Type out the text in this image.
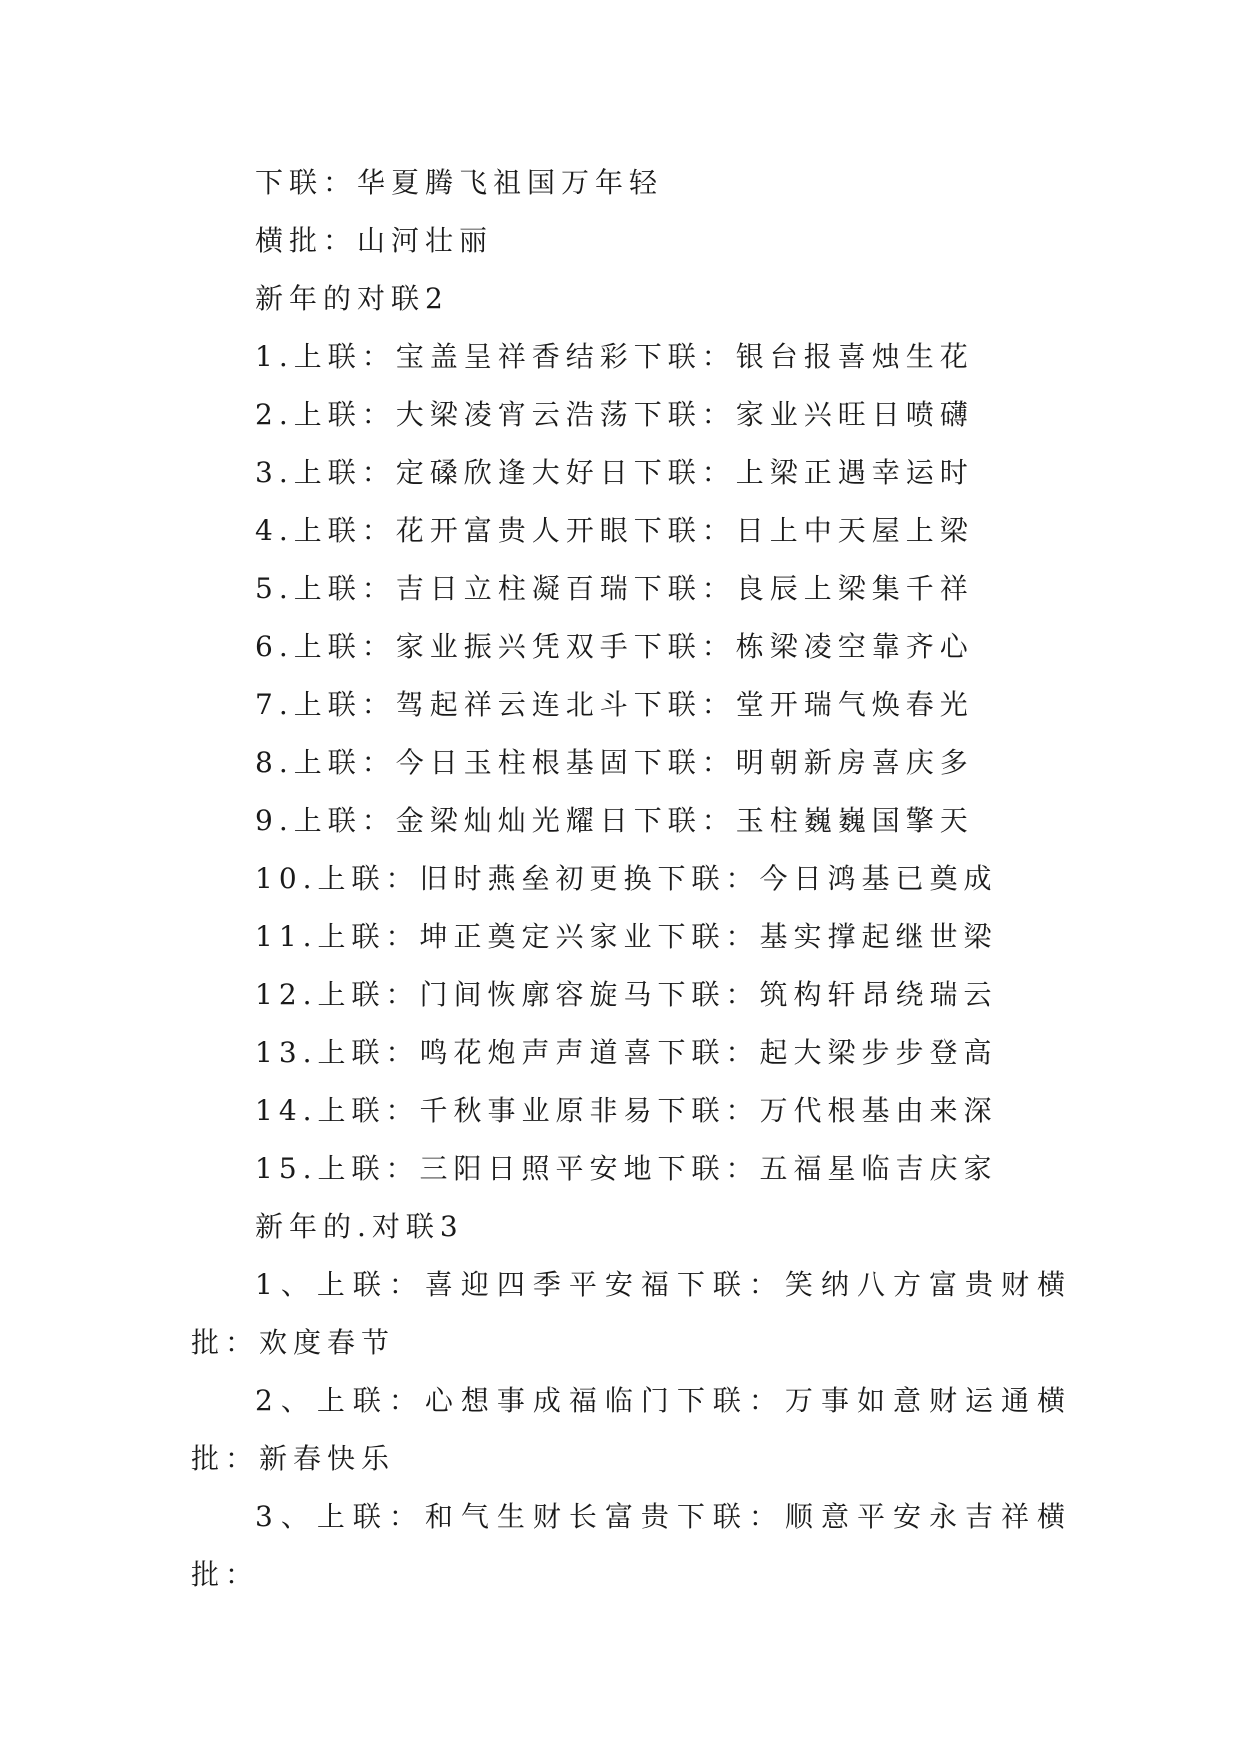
下联：华夏腾飞祖国万年轻
横批：山河壮丽
新年的对联2
1.上联：宝盖呈祥香结彩下联：银台报喜烛生花
2.上联：大梁凌宵云浩荡下联：家业兴旺日喷礴
3.上联：定磉欣逢大好日下联：上梁正遇幸运时
4.上联：花开富贵人开眼下联：日上中天屋上梁
5.上联：吉日立柱凝百瑞下联：良辰上梁集千祥
6.上联：家业振兴凭双手下联：栋梁凌空靠齐心
7.上联：驾起祥云连北斗下联：堂开瑞气焕春光
8.上联：今日玉柱根基固下联：明朝新房喜庆多
9.上联：金梁灿灿光耀日下联：玉柱巍巍国擎天
10.上联：旧时燕垒初更换下联：今日鸿基已奠成
11.上联：坤正奠定兴家业下联：基实撑起继世梁
12.上联：门间恢廓容旋马下联：筑构轩昂绕瑞云
13.上联：鸣花炮声声道喜下联：起大梁步步登高
14.上联：千秋事业原非易下联：万代根基由来深
15.上联：三阳日照平安地下联：五福星临吉庆家
新年的.对联3
1、上联：喜迎四季平安福下联：笑纳八方富贵财横批：欢度春节
2、上联：心想事成福临门下联：万事如意财运通横批：新春快乐
3、上联：和气生财长富贵下联：顺意平安永吉祥横批：
